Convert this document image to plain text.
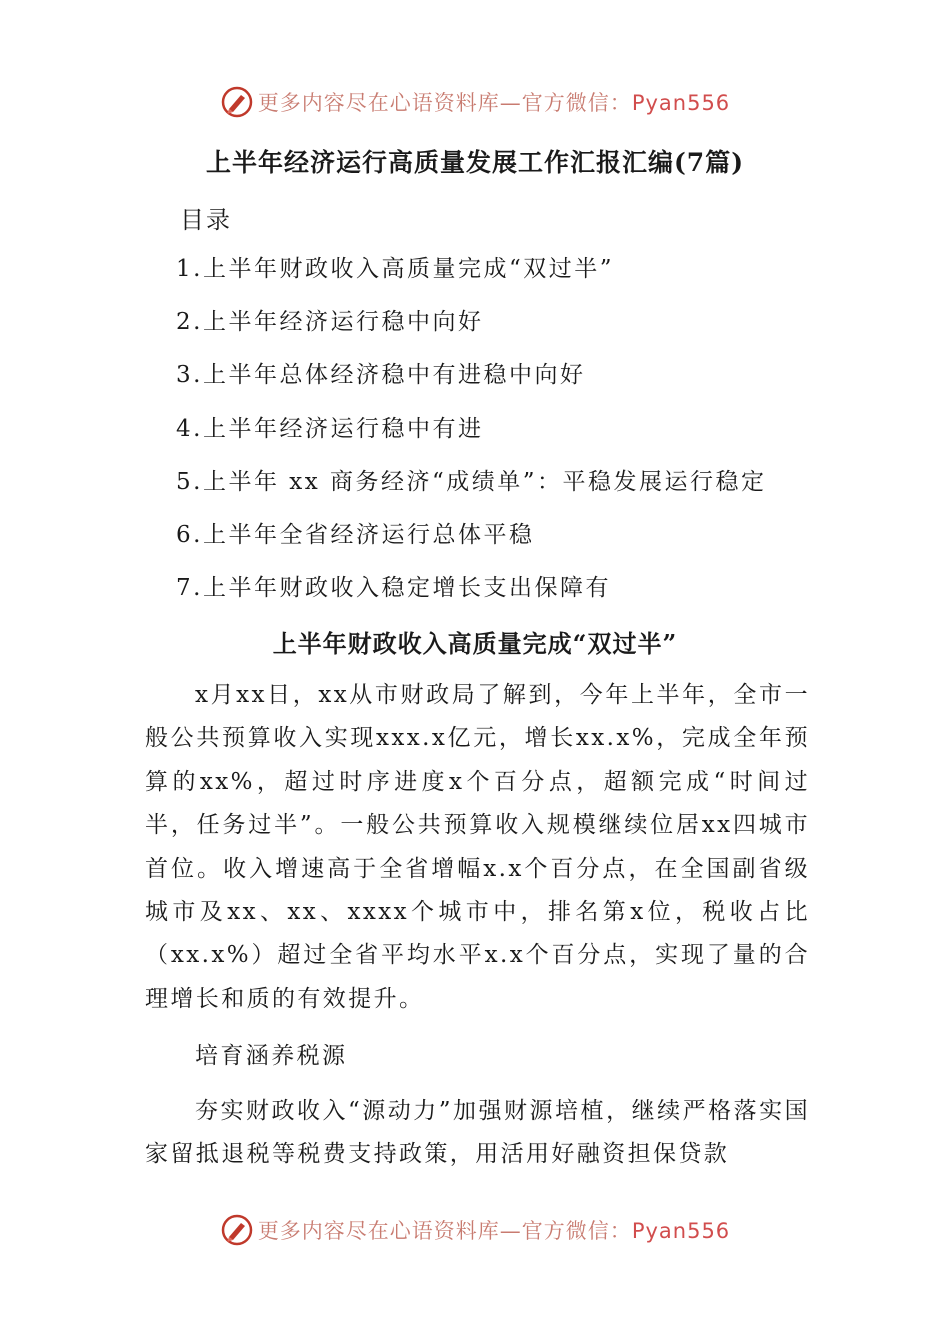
更多内容尽在心语资料库—官方微信：Pyan556
上半年经济运行高质量发展工作汇报汇编(7篇)
目录
1.上半年财政收入高质量完成“双过半”
2.上半年经济运行稳中向好
3.上半年总体经济稳中有进稳中向好
4.上半年经济运行稳中有进
5.上半年 xx 商务经济“成绩单”：平稳发展运行稳定
6.上半年全省经济运行总体平稳
7.上半年财政收入稳定增长支出保障有
上半年财政收入高质量完成“双过半”

x月xx日，xx从市财政局了解到，今年上半年，全市一般公共预算收入实现xxx.x亿元，增长xx.x%，完成全年预算的xx%，超过时序进度x个百分点，超额完成“时间过半，任务过半”。一般公共预算收入规模继续位居xx四城市首位。收入增速高于全省增幅x.x个百分点，在全国副省级城市及xx、xx、xxxx个城市中，排名第x位，税收占比（xx.x%）超过全省平均水平x.x个百分点，实现了量的合理增长和质的有效提升。

培育涵养税源

夯实财政收入“源动力”加强财源培植，继续严格落实国家留抵退税等税费支持政策，用活用好融资担保贷款

更多内容尽在心语资料库—官方微信：Pyan556
